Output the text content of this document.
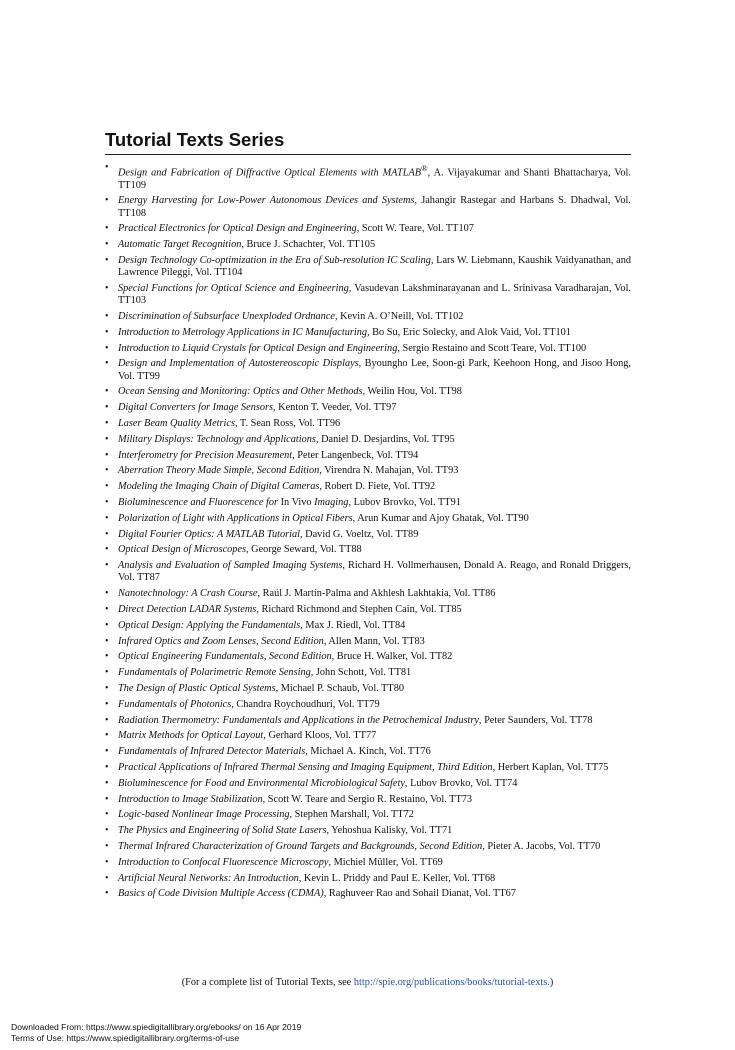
Tutorial Texts Series
• Design and Fabrication of Diffractive Optical Elements with MATLAB®, A. Vijayakumar and Shanti Bhattacharya, Vol. TT109
• Energy Harvesting for Low-Power Autonomous Devices and Systems, Jahangir Rastegar and Harbans S. Dhadwal, Vol. TT108
• Practical Electronics for Optical Design and Engineering, Scott W. Teare, Vol. TT107
• Automatic Target Recognition, Bruce J. Schachter, Vol. TT105
• Design Technology Co-optimization in the Era of Sub-resolution IC Scaling, Lars W. Liebmann, Kaushik Vaidyanathan, and Lawrence Pileggi, Vol. TT104
• Special Functions for Optical Science and Engineering, Vasudevan Lakshminarayanan and L. Srinivasa Varadharajan, Vol. TT103
• Discrimination of Subsurface Unexploded Ordnance, Kevin A. O’Neill, Vol. TT102
• Introduction to Metrology Applications in IC Manufacturing, Bo Su, Eric Solecky, and Alok Vaid, Vol. TT101
• Introduction to Liquid Crystals for Optical Design and Engineering, Sergio Restaino and Scott Teare, Vol. TT100
• Design and Implementation of Autostereoscopic Displays, Byoungho Lee, Soon-gi Park, Keehoon Hong, and Jisoo Hong, Vol. TT99
• Ocean Sensing and Monitoring: Optics and Other Methods, Weilin Hou, Vol. TT98
• Digital Converters for Image Sensors, Kenton T. Veeder, Vol. TT97
• Laser Beam Quality Metrics, T. Sean Ross, Vol. TT96
• Military Displays: Technology and Applications, Daniel D. Desjardins, Vol. TT95
• Interferometry for Precision Measurement, Peter Langenbeck, Vol. TT94
• Aberration Theory Made Simple, Second Edition, Virendra N. Mahajan, Vol. TT93
• Modeling the Imaging Chain of Digital Cameras, Robert D. Fiete, Vol. TT92
• Bioluminescence and Fluorescence for In Vivo Imaging, Lubov Brovko, Vol. TT91
• Polarization of Light with Applications in Optical Fibers, Arun Kumar and Ajoy Ghatak, Vol. TT90
• Digital Fourier Optics: A MATLAB Tutorial, David G. Voeltz, Vol. TT89
• Optical Design of Microscopes, George Seward, Vol. TT88
• Analysis and Evaluation of Sampled Imaging Systems, Richard H. Vollmerhausen, Donald A. Reago, and Ronald Driggers, Vol. TT87
• Nanotechnology: A Crash Course, Raúl J. Martín-Palma and Akhlesh Lakhtakia, Vol. TT86
• Direct Detection LADAR Systems, Richard Richmond and Stephen Cain, Vol. TT85
• Optical Design: Applying the Fundamentals, Max J. Riedl, Vol. TT84
• Infrared Optics and Zoom Lenses, Second Edition, Allen Mann, Vol. TT83
• Optical Engineering Fundamentals, Second Edition, Bruce H. Walker, Vol. TT82
• Fundamentals of Polarimetric Remote Sensing, John Schott, Vol. TT81
• The Design of Plastic Optical Systems, Michael P. Schaub, Vol. TT80
• Fundamentals of Photonics, Chandra Roychoudhuri, Vol. TT79
• Radiation Thermometry: Fundamentals and Applications in the Petrochemical Industry, Peter Saunders, Vol. TT78
• Matrix Methods for Optical Layout, Gerhard Kloos, Vol. TT77
• Fundamentals of Infrared Detector Materials, Michael A. Kinch, Vol. TT76
• Practical Applications of Infrared Thermal Sensing and Imaging Equipment, Third Edition, Herbert Kaplan, Vol. TT75
• Bioluminescence for Food and Environmental Microbiological Safety, Lubov Brovko, Vol. TT74
• Introduction to Image Stabilization, Scott W. Teare and Sergio R. Restaino, Vol. TT73
• Logic-based Nonlinear Image Processing, Stephen Marshall, Vol. TT72
• The Physics and Engineering of Solid State Lasers, Yehoshua Kalisky, Vol. TT71
• Thermal Infrared Characterization of Ground Targets and Backgrounds, Second Edition, Pieter A. Jacobs, Vol. TT70
• Introduction to Confocal Fluorescence Microscopy, Michiel Müller, Vol. TT69
• Artificial Neural Networks: An Introduction, Kevin L. Priddy and Paul E. Keller, Vol. TT68
• Basics of Code Division Multiple Access (CDMA), Raghuveer Rao and Sohail Dianat, Vol. TT67
(For a complete list of Tutorial Texts, see http://spie.org/publications/books/tutorial-texts.)
Downloaded From: https://www.spiedigitallibrary.org/ebooks/ on 16 Apr 2019
Terms of Use: https://www.spiedigitallibrary.org/terms-of-use
